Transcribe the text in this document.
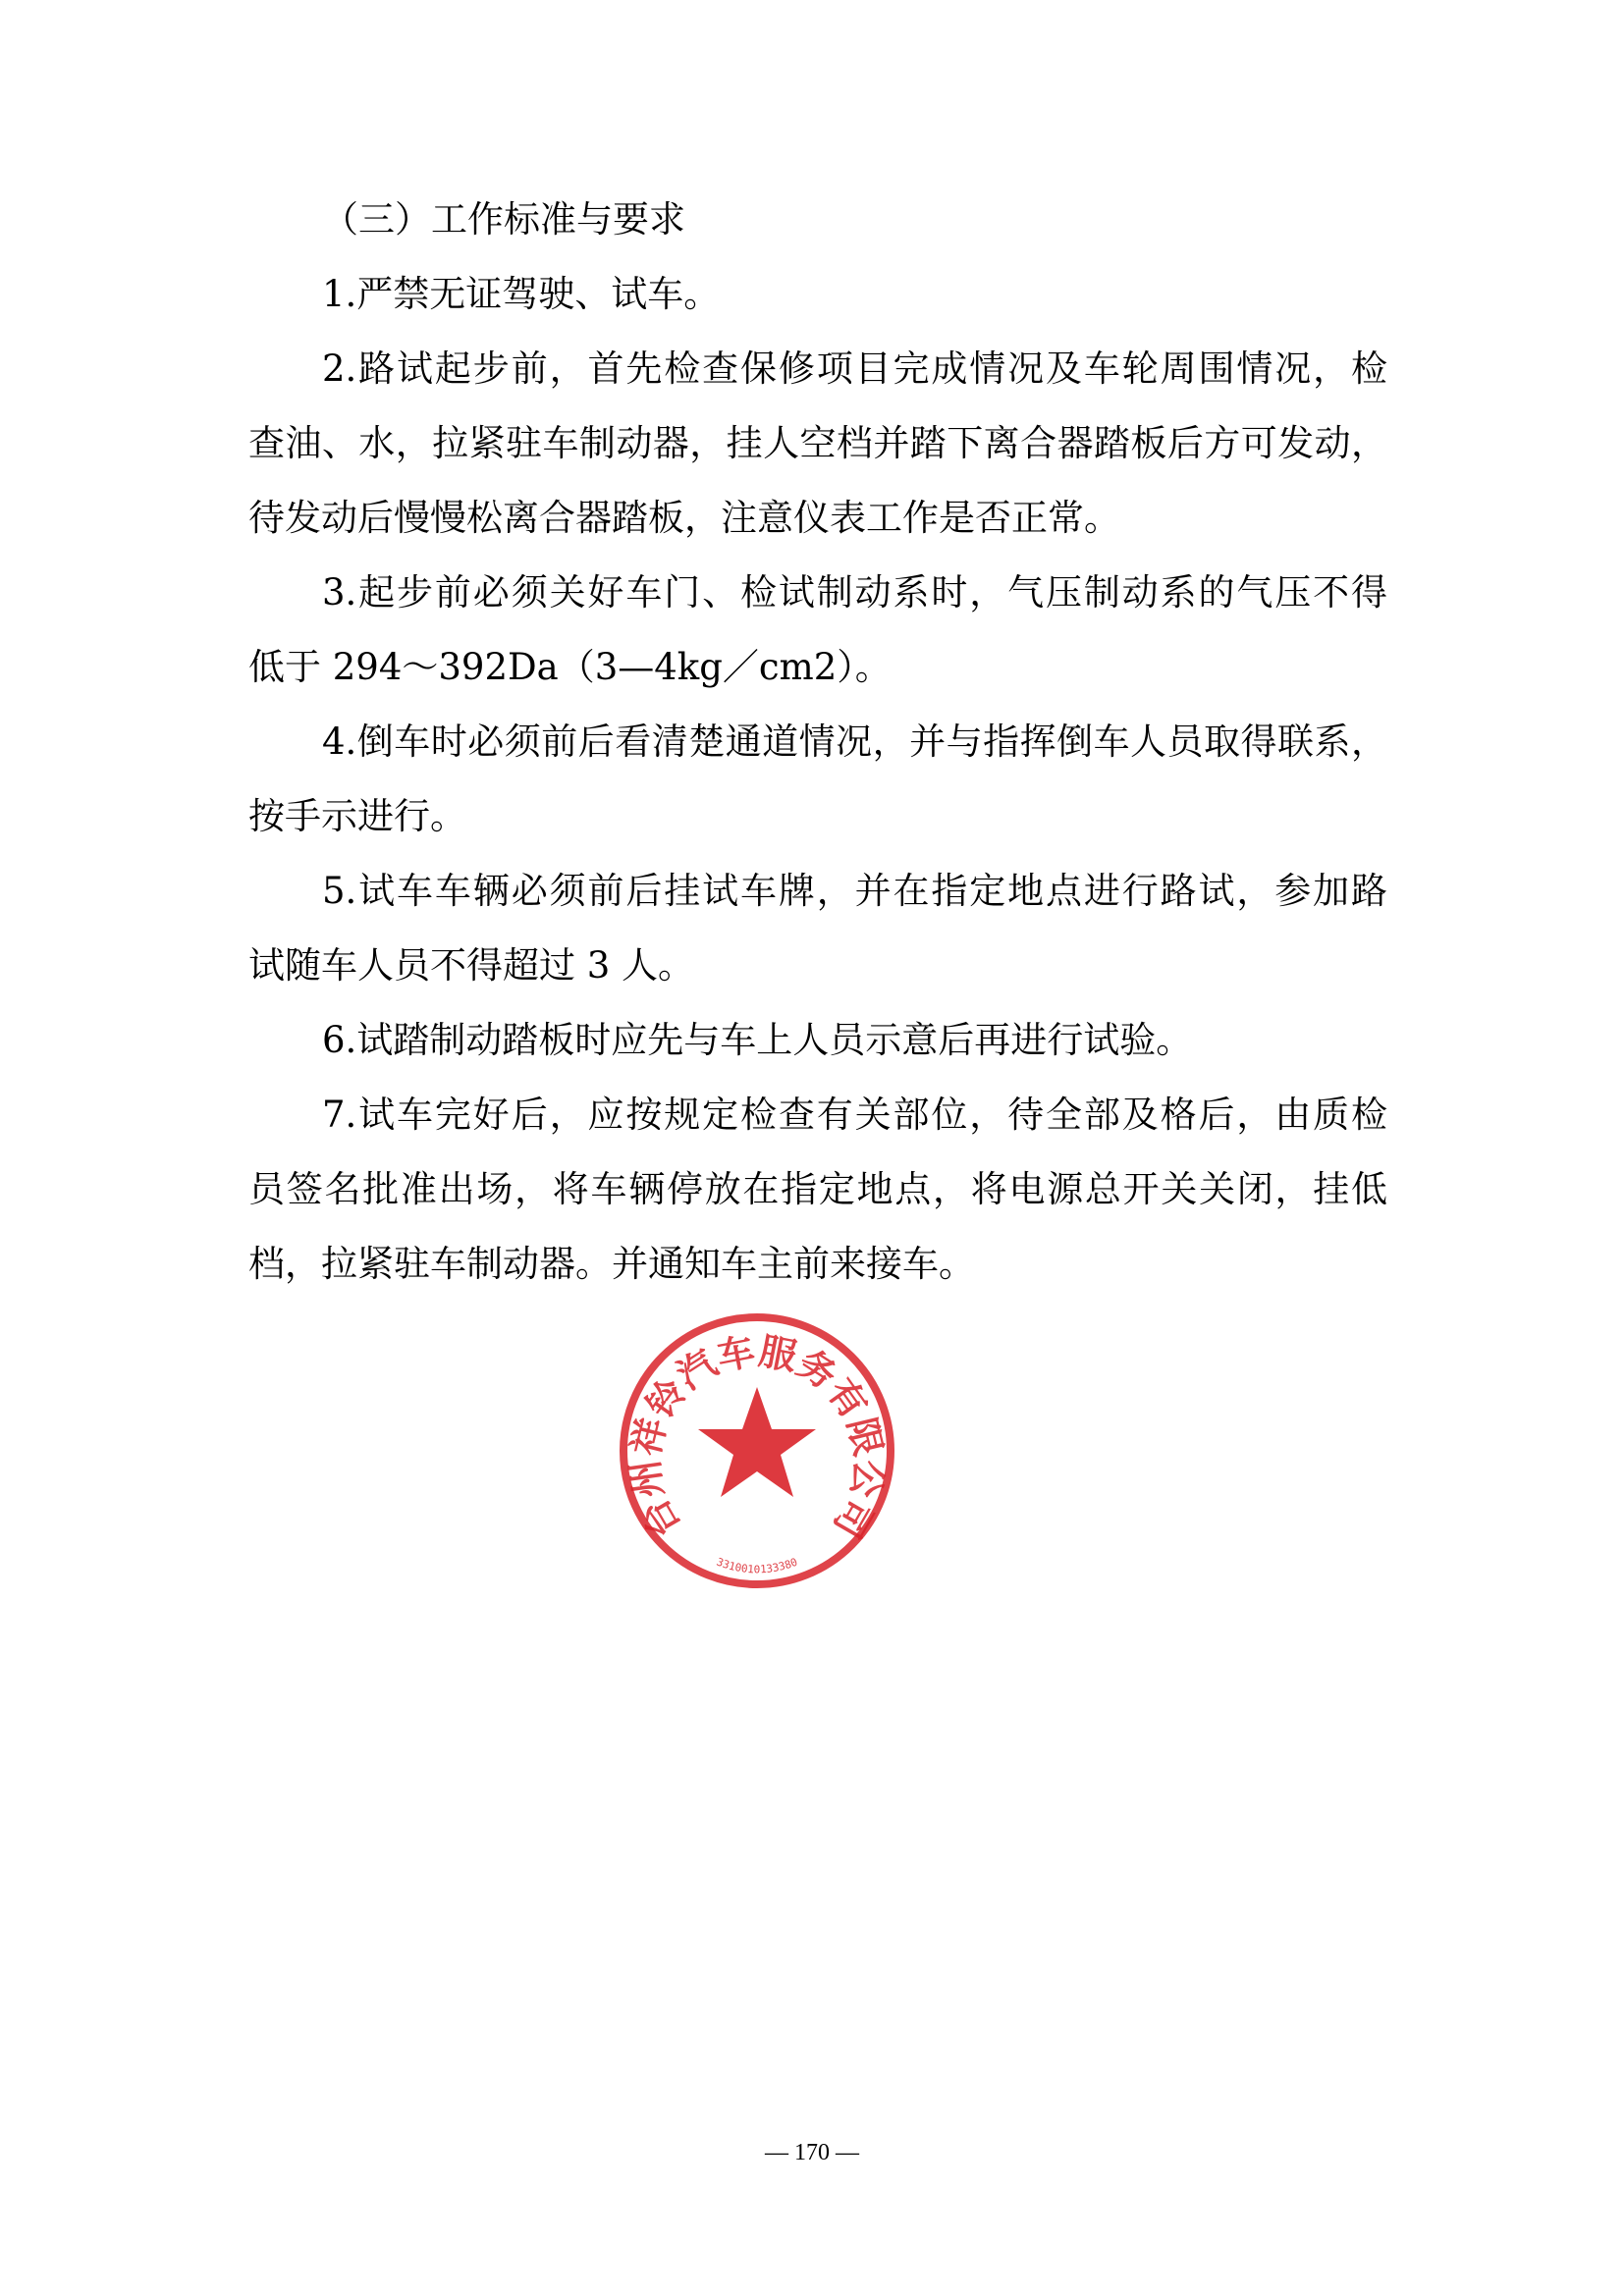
（三）工作标准与要求
1.严禁无证驾驶、试车。
2.路试起步前，首先检查保修项目完成情况及车轮周围情况，检
查油、水，拉紧驻车制动器，挂人空档并踏下离合器踏板后方可发动，
待发动后慢慢松离合器踏板，注意仪表工作是否正常。
3.起步前必须关好车门、检试制动系时，气压制动系的气压不得
低于 294～392Da（3—4kg／cm2）。
4.倒车时必须前后看清楚通道情况，并与指挥倒车人员取得联系，
按手示进行。
5.试车车辆必须前后挂试车牌，并在指定地点进行路试，参加路
试随车人员不得超过 3 人。
6.试踏制动踏板时应先与车上人员示意后再进行试验。
7.试车完好后，应按规定检查有关部位，待全部及格后，由质检
员签名批准出场，将车辆停放在指定地点，将电源总开关关闭，挂低
档，拉紧驻车制动器。并通知车主前来接车。
台州祥铃汽车服务有限公司
3310010133380
— 170 —
